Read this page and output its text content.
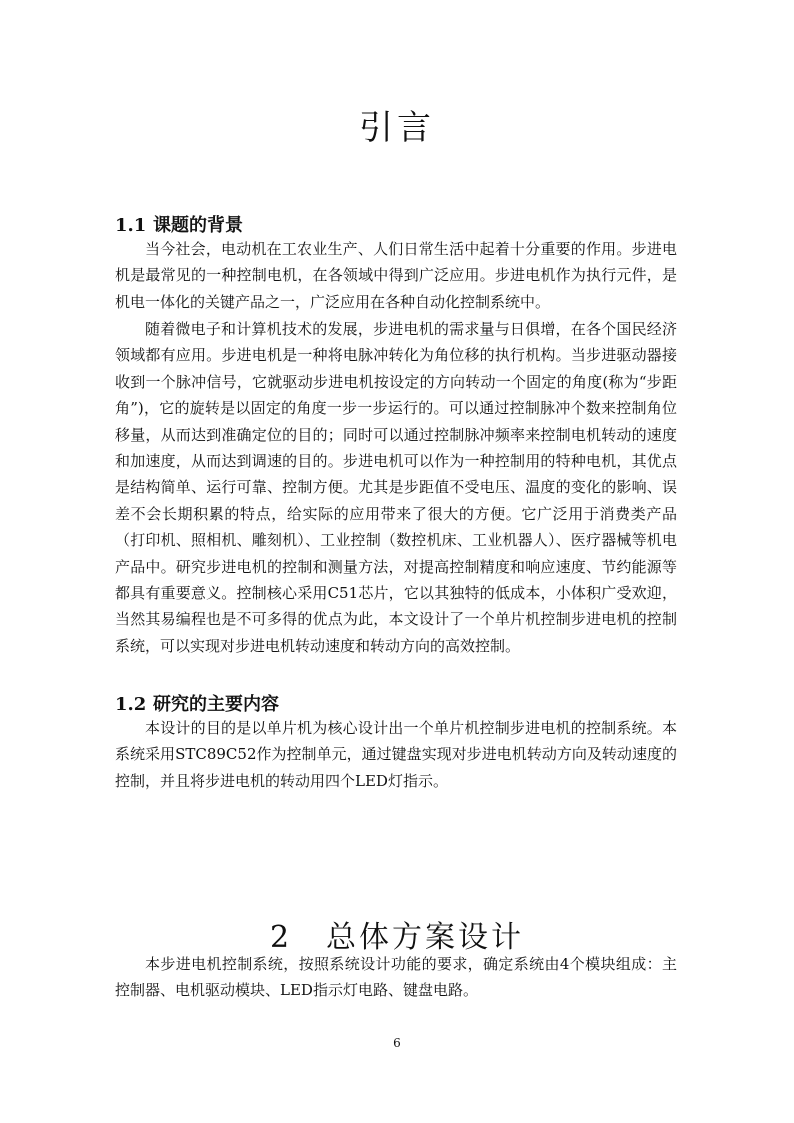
引言
1.1 课题的背景

当今社会，电动机在工农业生产、人们日常生活中起着十分重要的作用。步进电机是最常见的一种控制电机，在各领域中得到广泛应用。步进电机作为执行元件，是机电一体化的关键产品之一，广泛应用在各种自动化控制系统中。

随着微电子和计算机技术的发展，步进电机的需求量与日俱增，在各个国民经济领域都有应用。步进电机是一种将电脉冲转化为角位移的执行机构。当步进驱动器接收到一个脉冲信号，它就驱动步进电机按设定的方向转动一个固定的角度(称为“步距角”)，它的旋转是以固定的角度一步一步运行的。可以通过控制脉冲个数来控制角位移量，从而达到准确定位的目的；同时可以通过控制脉冲频率来控制电机转动的速度和加速度，从而达到调速的目的。步进电机可以作为一种控制用的特种电机，其优点是结构简单、运行可靠、控制方便。尤其是步距值不受电压、温度的变化的影响、误差不会长期积累的特点，给实际的应用带来了很大的方便。它广泛用于消费类产品（打印机、照相机、雕刻机）、工业控制（数控机床、工业机器人）、医疗器械等机电产品中。研究步进电机的控制和测量方法，对提高控制精度和响应速度、节约能源等都具有重要意义。控制核心采用C51芯片，它以其独特的低成本，小体积广受欢迎，当然其易编程也是不可多得的优点为此，本文设计了一个单片机控制步进电机的控制系统，可以实现对步进电机转动速度和转动方向的高效控制。

1.2 研究的主要内容

本设计的目的是以单片机为核心设计出一个单片机控制步进电机的控制系统。本系统采用STC89C52作为控制单元，通过键盘实现对步进电机转动方向及转动速度的控制，并且将步进电机的转动用四个LED灯指示。

2 总体方案设计

本步进电机控制系统，按照系统设计功能的要求，确定系统由4个模块组成：主控制器、电机驱动模块、LED指示灯电路、键盘电路。

6
